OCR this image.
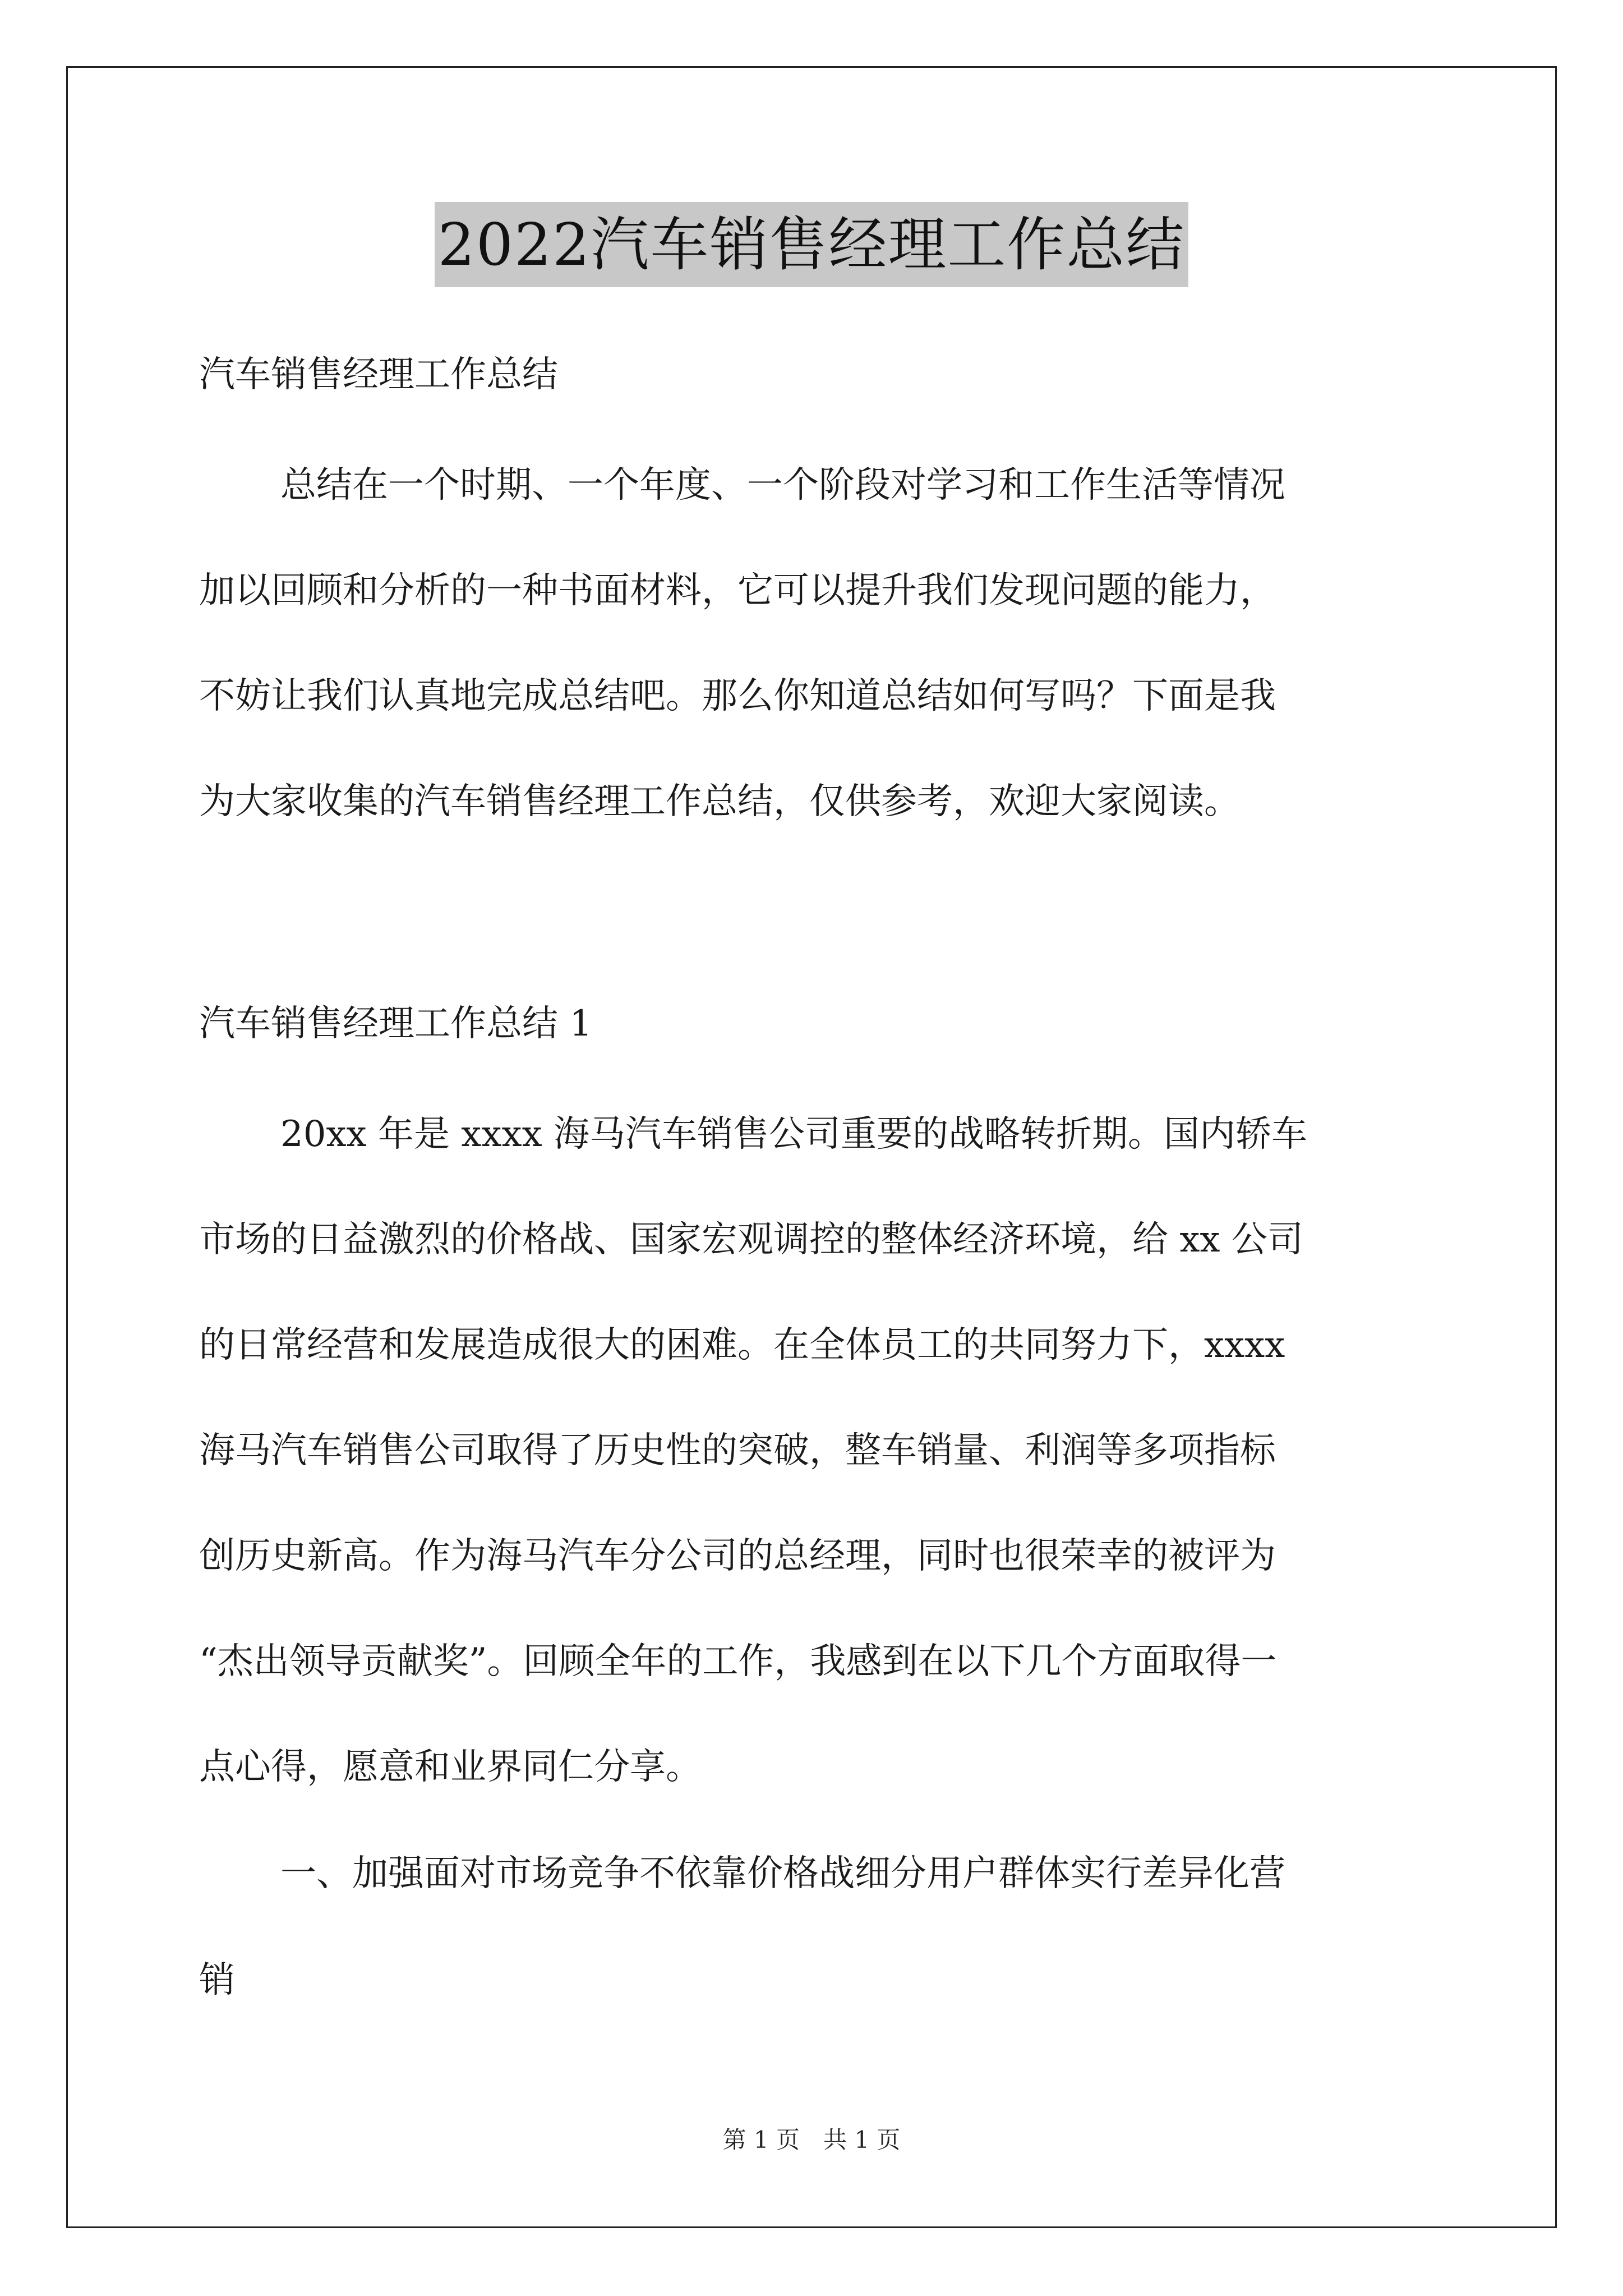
2022汽车销售经理工作总结
汽车销售经理工作总结
总结在一个时期、一个年度、一个阶段对学习和工作生活等情况
加以回顾和分析的一种书面材料，它可以提升我们发现问题的能力，
不妨让我们认真地完成总结吧。那么你知道总结如何写吗？下面是我
为大家收集的汽车销售经理工作总结，仅供参考，欢迎大家阅读。
汽车销售经理工作总结 1
20xx 年是 xxxx 海马汽车销售公司重要的战略转折期。国内轿车
市场的日益激烈的价格战、国家宏观调控的整体经济环境，给 xx 公司
的日常经营和发展造成很大的困难。在全体员工的共同努力下，xxxx
海马汽车销售公司取得了历史性的突破，整车销量、利润等多项指标
创历史新高。作为海马汽车分公司的总经理，同时也很荣幸的被评为
“杰出领导贡献奖”。回顾全年的工作，我感到在以下几个方面取得一
点心得，愿意和业界同仁分享。
一、加强面对市场竞争不依靠价格战细分用户群体实行差异化营
销
第 1 页　共 1 页
